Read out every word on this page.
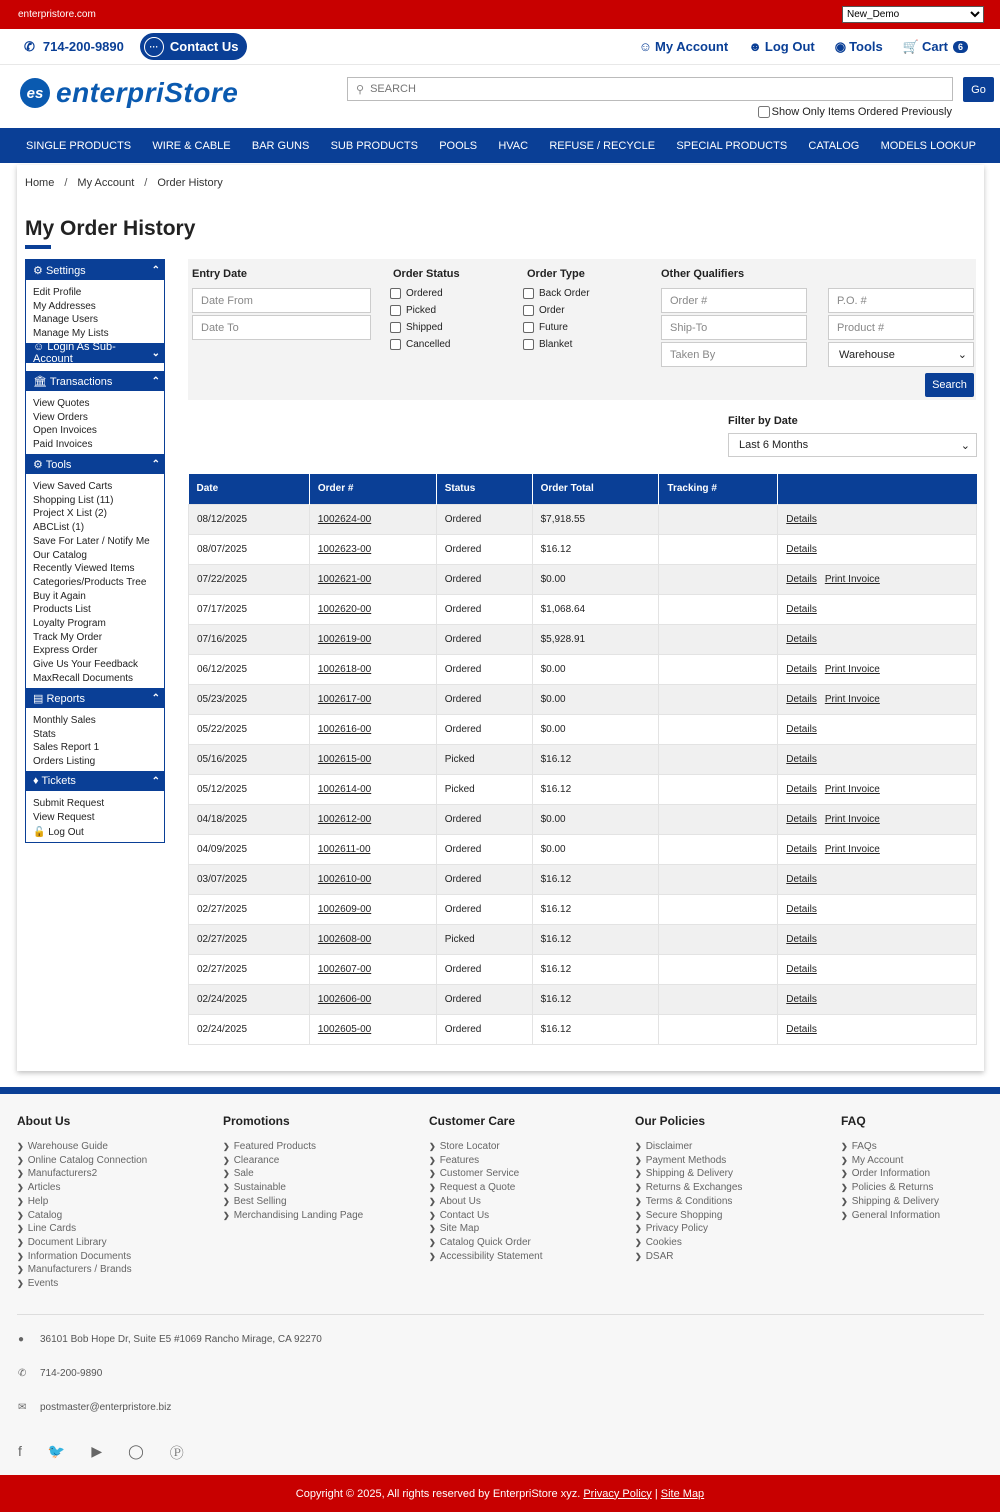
enterpristore.com
New_Demo
✆ 714-200-9890	··· Contact Us	☺ My Account ☻ Log Out ◉ Tools 🛒 Cart	6
es enterpriStore	⚲
SEARCH	Go
Show Only Items Ordered Previously
SINGLE PRODUCTS WIRE & CABLE BAR GUNS SUB PRODUCTS POOLS HVAC REFUSE / RECYCLE SPECIAL PRODUCTS CATALOG MODELS LOOKUP
Home / My Account / Order History
My Order History
⚙ Settings	⌃
Edit Profile
My Addresses
Manage Users
Manage My Lists
☺ Login As Sub-Account	⌄
🏛 Transactions	⌃
View Quotes
View Orders
Open Invoices
Paid Invoices
⚙ Tools	⌃
View Saved Carts
Shopping List (11)
Project X List (2)
ABCList (1)
Save For Later / Notify Me
Our Catalog
Recently Viewed Items
Categories/Products Tree
Buy it Again
Products List
Loyalty Program
Track My Order
Express Order
Give Us Your Feedback
MaxRecall Documents
▤ Reports	⌃
Monthly Sales
Stats
Sales Report 1
Orders Listing
♦ Tickets	⌃
Submit Request
View Request
🔓 Log Out
Entry Date
Date From
Date To
Order Status
Ordered
Picked
Shipped
Cancelled
Order Type
Back Order
Order
Future
Blanket
Other Qualifiers
Order #
Ship-To
Taken By
P.O. #
Product #
Warehouse	⌄
Search
Filter by Date
Last 6 Months	⌄
Date	Order #	Status	Order Total	Tracking #	
08/12/2025	1002624-00	Ordered	$7,918.55		Details
08/07/2025	1002623-00	Ordered	$16.12		Details
07/22/2025	1002621-00	Ordered	$0.00		Details Print Invoice
07/17/2025	1002620-00	Ordered	$1,068.64		Details
07/16/2025	1002619-00	Ordered	$5,928.91		Details
06/12/2025	1002618-00	Ordered	$0.00		Details Print Invoice
05/23/2025	1002617-00	Ordered	$0.00		Details Print Invoice
05/22/2025	1002616-00	Ordered	$0.00		Details
05/16/2025	1002615-00	Picked	$16.12		Details
05/12/2025	1002614-00	Picked	$16.12		Details Print Invoice
04/18/2025	1002612-00	Ordered	$0.00		Details Print Invoice
04/09/2025	1002611-00	Ordered	$0.00		Details Print Invoice
03/07/2025	1002610-00	Ordered	$16.12		Details
02/27/2025	1002609-00	Ordered	$16.12		Details
02/27/2025	1002608-00	Picked	$16.12		Details
02/27/2025	1002607-00	Ordered	$16.12		Details
02/24/2025	1002606-00	Ordered	$16.12		Details
02/24/2025	1002605-00	Ordered	$16.12		Details
About Us
❯ Warehouse Guide
❯ Online Catalog Connection
❯ Manufacturers2
❯ Articles
❯ Help
❯ Catalog
❯ Line Cards
❯ Document Library
❯ Information Documents
❯ Manufacturers / Brands
❯ Events
Promotions
❯ Featured Products
❯ Clearance
❯ Sale
❯ Sustainable
❯ Best Selling
❯ Merchandising Landing Page
Customer Care
❯ Store Locator
❯ Features
❯ Customer Service
❯ Request a Quote
❯ About Us
❯ Contact Us
❯ Site Map
❯ Catalog Quick Order
❯ Accessibility Statement
Our Policies
❯ Disclaimer
❯ Payment Methods
❯ Shipping & Delivery
❯ Returns & Exchanges
❯ Terms & Conditions
❯ Secure Shopping
❯ Privacy Policy
❯ Cookies
❯ DSAR
FAQ
❯ FAQs
❯ My Account
❯ Order Information
❯ Policies & Returns
❯ Shipping & Delivery
❯ General Information
●	36101 Bob Hope Dr, Suite E5 #1069 Rancho Mirage, CA 92270
✆	714-200-9890
✉	postmaster@enterpristore.biz
f 🐦 ▶ ◯ Ⓟ
Copyright © 2025, All rights reserved by EnterpriStore xyz.
Privacy Policy
|
Site Map
